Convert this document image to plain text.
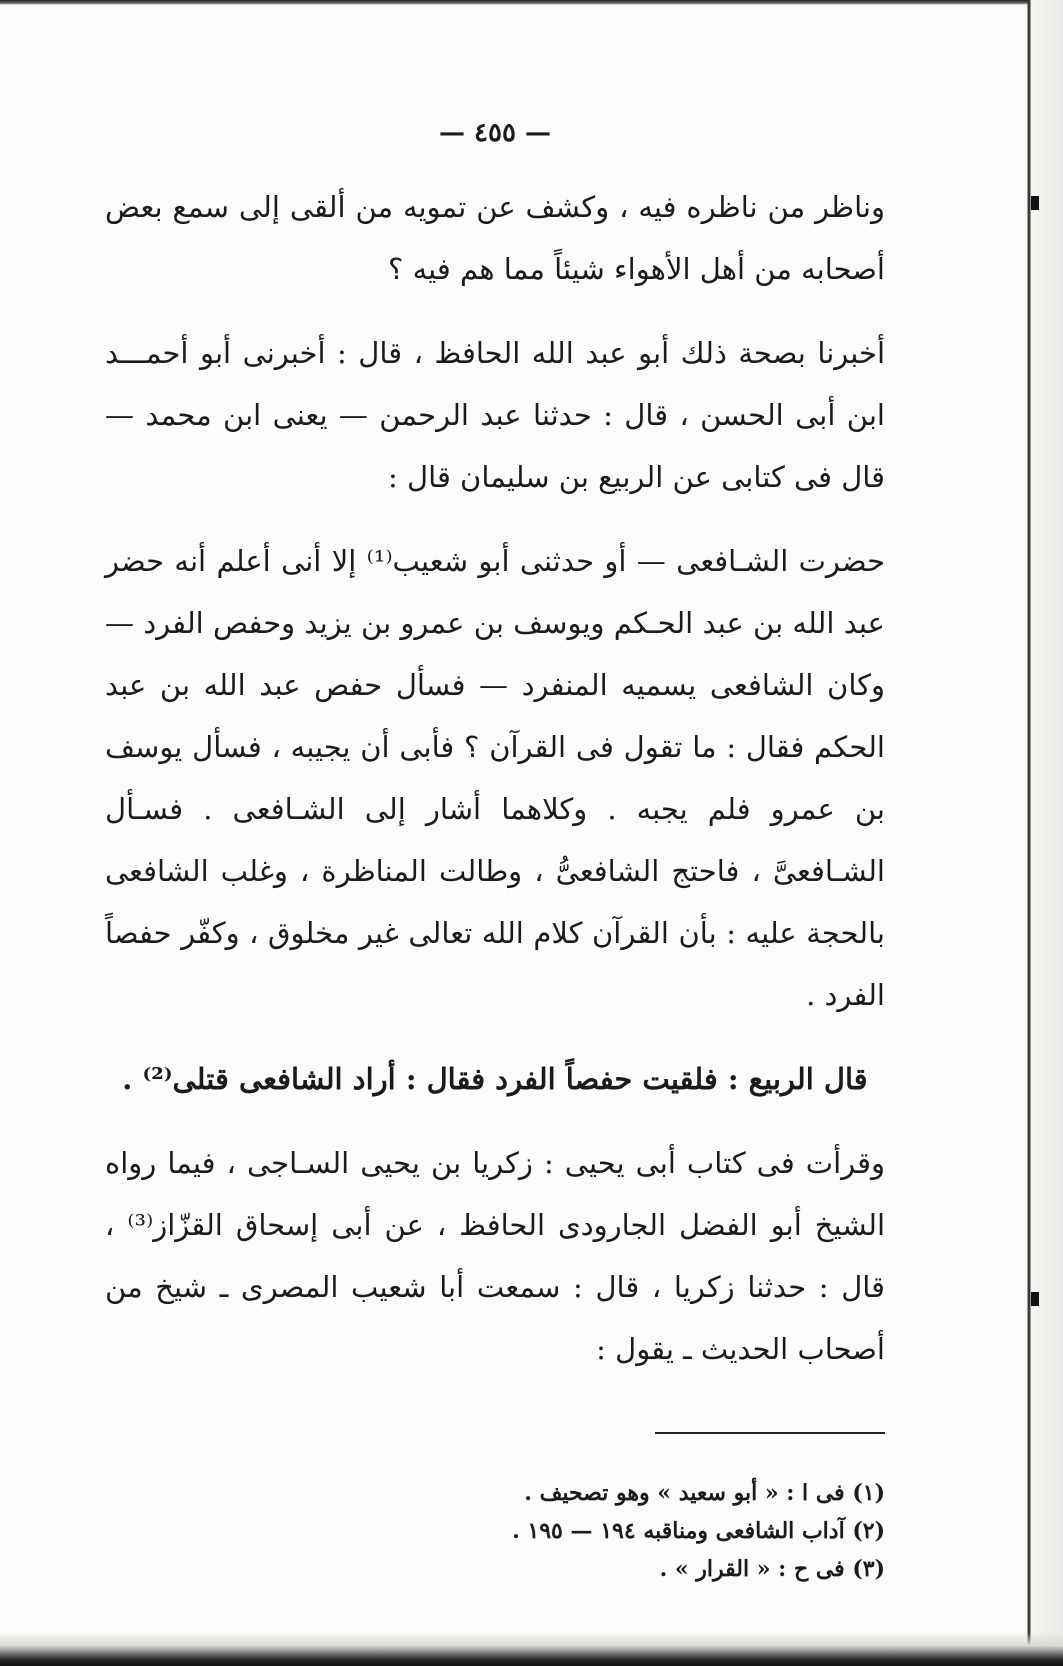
— ٤٥٥ —

وناظر من ناظره فيه ، وكشف عن تمويه من ألقى إلى سمع بعض أصحابه من أهل الأهواء شيئاً مما هم فيه ؟

أخبرنا بصحة ذلك أبو عبد الله الحافظ ، قال : أخبرنى أبو أحمـــد ابن أبى الحسن ، قال : حدثنا عبد الرحمن — يعنى ابن محمد — قال فى كتابى عن الربيع بن سليمان قال :

حضرت الشـافعى — أو حدثنى أبو شعيب⁽¹⁾ إلا أنى أعلم أنه حضر عبد الله بن عبد الحـكم ويوسف بن عمرو بن يزيد وحفص الفرد — وكان الشافعى يسميه المنفرد — فسأل حفص عبد الله بن عبد الحكم فقال : ما تقول فى القرآن ؟ فأبى أن يجيبه ، فسأل يوسف بن عمرو فلم يجبه . وكلاهما أشار إلى الشـافعى . فسـأل الشـافعىَّ ، فاحتج الشافعىُّ ، وطالت المناظرة ، وغلب الشافعى بالحجة عليه : بأن القرآن كلام الله تعالى غير مخلوق ، وكفّر حفصاً الفرد .

قال الربيع : فلقيت حفصاً الفرد فقال : أراد الشافعى قتلى⁽²⁾ .

وقرأت فى كتاب أبى يحيى : زكريا بن يحيى السـاجى ، فيما رواه الشيخ أبو الفضل الجارودى الحافظ ، عن أبى إسحاق القزّاز⁽³⁾ ، قال : حدثنا زكريا ، قال : سمعت أبا شعيب المصرى ـ شيخ من أصحاب الحديث ـ يقول :

(١) فى ا : « أبو سعيد » وهو تصحيف .

(٢) آداب الشافعى ومناقبه ١٩٤ — ١٩٥ .

(٣) فى ح : « القرار » .
